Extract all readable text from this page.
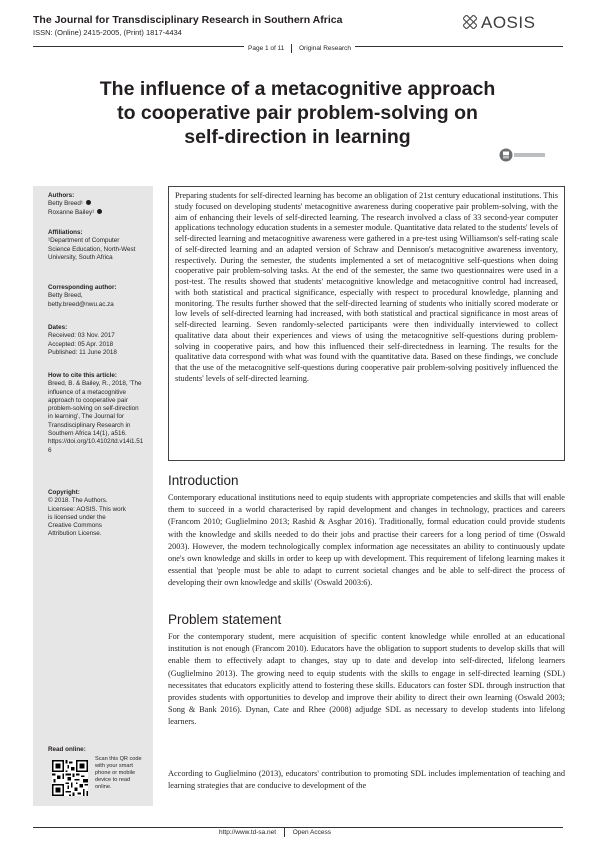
The Journal for Transdisciplinary Research in Southern Africa
ISSN: (Online) 2415-2005, (Print) 1817-4434
AOSIS
Page 1 of 11 Original Research
The influence of a metacognitive approach
to cooperative pair problem-solving on
self-direction in learning
Authors:
Betty Breed¹
Roxanne Bailey¹
Affiliations:
¹Department of Computer Science Education, North-West University, South Africa
Corresponding author:
Betty Breed,
betty.breed@nwu.ac.za
Dates:
Received: 03 Nov. 2017
Accepted: 05 Apr. 2018
Published: 11 June 2018
How to cite this article:
Breed, B. & Bailey, R., 2018, 'The influence of a metacognitive approach to cooperative pair problem-solving on self-direction in learning', The Journal for Transdisciplinary Research in Southern Africa 14(1), a516. https://doi.org/10.4102/td.v14i1.516
Copyright:
© 2018. The Authors. Licensee: AOSIS. This work is licensed under the Creative Commons Attribution License.
Read online:
Scan this QR code with your smart phone or mobile device to read online.

Preparing students for self-directed learning has become an obligation of 21st century educational institutions. This study focused on developing students' metacognitive awareness during cooperative pair problem-solving, with the aim of enhancing their levels of self-directed learning. The research involved a class of 33 second-year computer applications technology education students in a semester module. Quantitative data related to the students' levels of self-directed learning and metacognitive awareness were gathered in a pre-test using Williamson's self-rating scale of self-directed learning and an adapted version of Schraw and Dennison's metacognitive awareness inventory, respectively. During the semester, the students implemented a set of metacognitive self-questions when doing cooperative pair problem-solving tasks. At the end of the semester, the same two questionnaires were used in a post-test. The results showed that students' metacognitive knowledge and metacognitive control had increased, with both statistical and practical significance, especially with respect to procedural knowledge, planning and monitoring. The results further showed that the self-directed learning of students who initially scored moderate or low levels of self-directed learning had increased, with both statistical and practical significance in most areas of self-directed learning. Seven randomly-selected participants were then individually interviewed to collect qualitative data about their experiences and views of using the metacognitive self-questions during problem-solving in cooperative pairs, and how this influenced their self-directedness in learning. The results for the qualitative data correspond with what was found with the quantitative data. Based on these findings, we conclude that the use of the metacognitive self-questions during cooperative pair problem-solving positively influenced the students' levels of self-directed learning.

Introduction

Contemporary educational institutions need to equip students with appropriate competencies and skills that will enable them to succeed in a world characterised by rapid development and changes in technology, practices and careers (Francom 2010; Guglielmino 2013; Rashid & Asghar 2016). Traditionally, formal education could provide students with the knowledge and skills needed to do their jobs and practise their careers for a long period of time (Oswald 2003). However, the modern technologically complex information age necessitates an ability to continuously update one's own knowledge and skills in order to keep up with development. This requirement of lifelong learning makes it essential that 'people must be able to adapt to current societal changes and be able to self-direct the process of developing their own knowledge and skills' (Oswald 2003:6).

Problem statement

For the contemporary student, mere acquisition of specific content knowledge while enrolled at an educational institution is not enough (Francom 2010). Educators have the obligation to support students to develop skills that will enable them to effectively adapt to changes, stay up to date and develop into self-directed, lifelong learners (Guglielmino 2013). The growing need to equip students with the skills to engage in self-directed learning (SDL) necessitates that educators explicitly attend to fostering these skills. Educators can foster SDL through instruction that provides students with opportunities to develop and improve their ability to direct their own learning (Oswald 2003; Song & Bank 2016). Dynan, Cate and Rhee (2008) adjudge SDL as necessary to develop students into lifelong learners.

According to Guglielmino (2013), educators' contribution to promoting SDL includes implementation of teaching and learning strategies that are conducive to development of the

http://www.td-sa.net	Open Access
